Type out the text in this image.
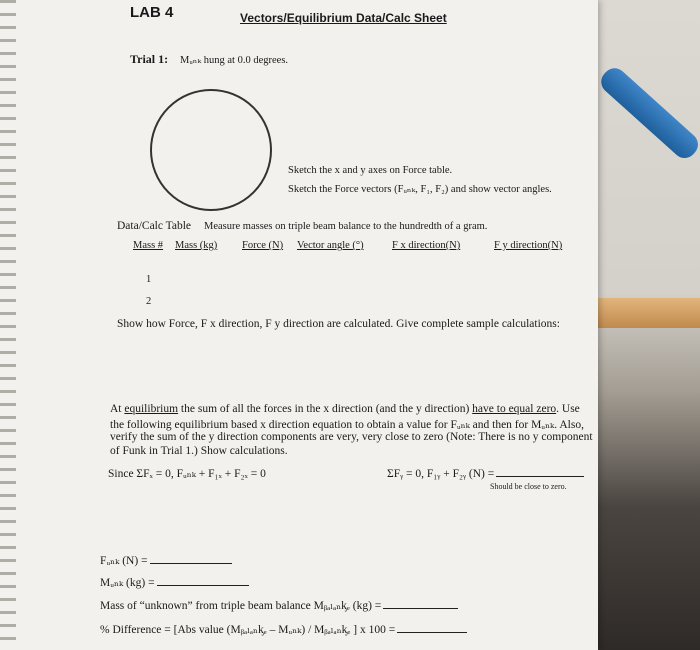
LAB 4	Vectors/Equilibrium Data/Calc Sheet
Trial 1: Mᵤₙₖ hung at 0.0 degrees.
Sketch the x and y axes on Force table.
Sketch the Force vectors (Fᵤₙₖ, F₁, F₂) and show vector angles.
Data/Calc Table Measure masses on triple beam balance to the hundredth of a gram.
Mass # Mass (kg) Force (N) Vector angle (°)	F x direction(N)	F y direction(N)
1
2
Show how Force, F x direction, F y direction are calculated. Give complete sample calculations:
At equilibrium the sum of all the forces in the x direction (and the y direction) have to equal zero. Use
the following equilibrium based x direction equation to obtain a value for Fᵤₙₖ and then for Mᵤₙₖ. Also,
verify the sum of the y direction components are very, very close to zero (Note: There is no y component
of Funk in Trial 1.) Show calculations.
Since ΣFₓ = 0, Fᵤₙₖ + F₁ₓ + F₂ₓ = 0	ΣFᵧ = 0, F₁ᵧ + F₂ᵧ (N) =
Should be close to zero.
Fᵤₙₖ (N) =
Mᵤₙₖ (kg) =
Mass of “unknown” from triple beam balance Mᵦₐₗₐₙᶄₑ (kg) =
% Difference = [Abs value (Mᵦₐₗₐₙᶄₑ – Mᵤₙₖ) / Mᵦₐₗₐₙᶄₑ ] x 100 =
